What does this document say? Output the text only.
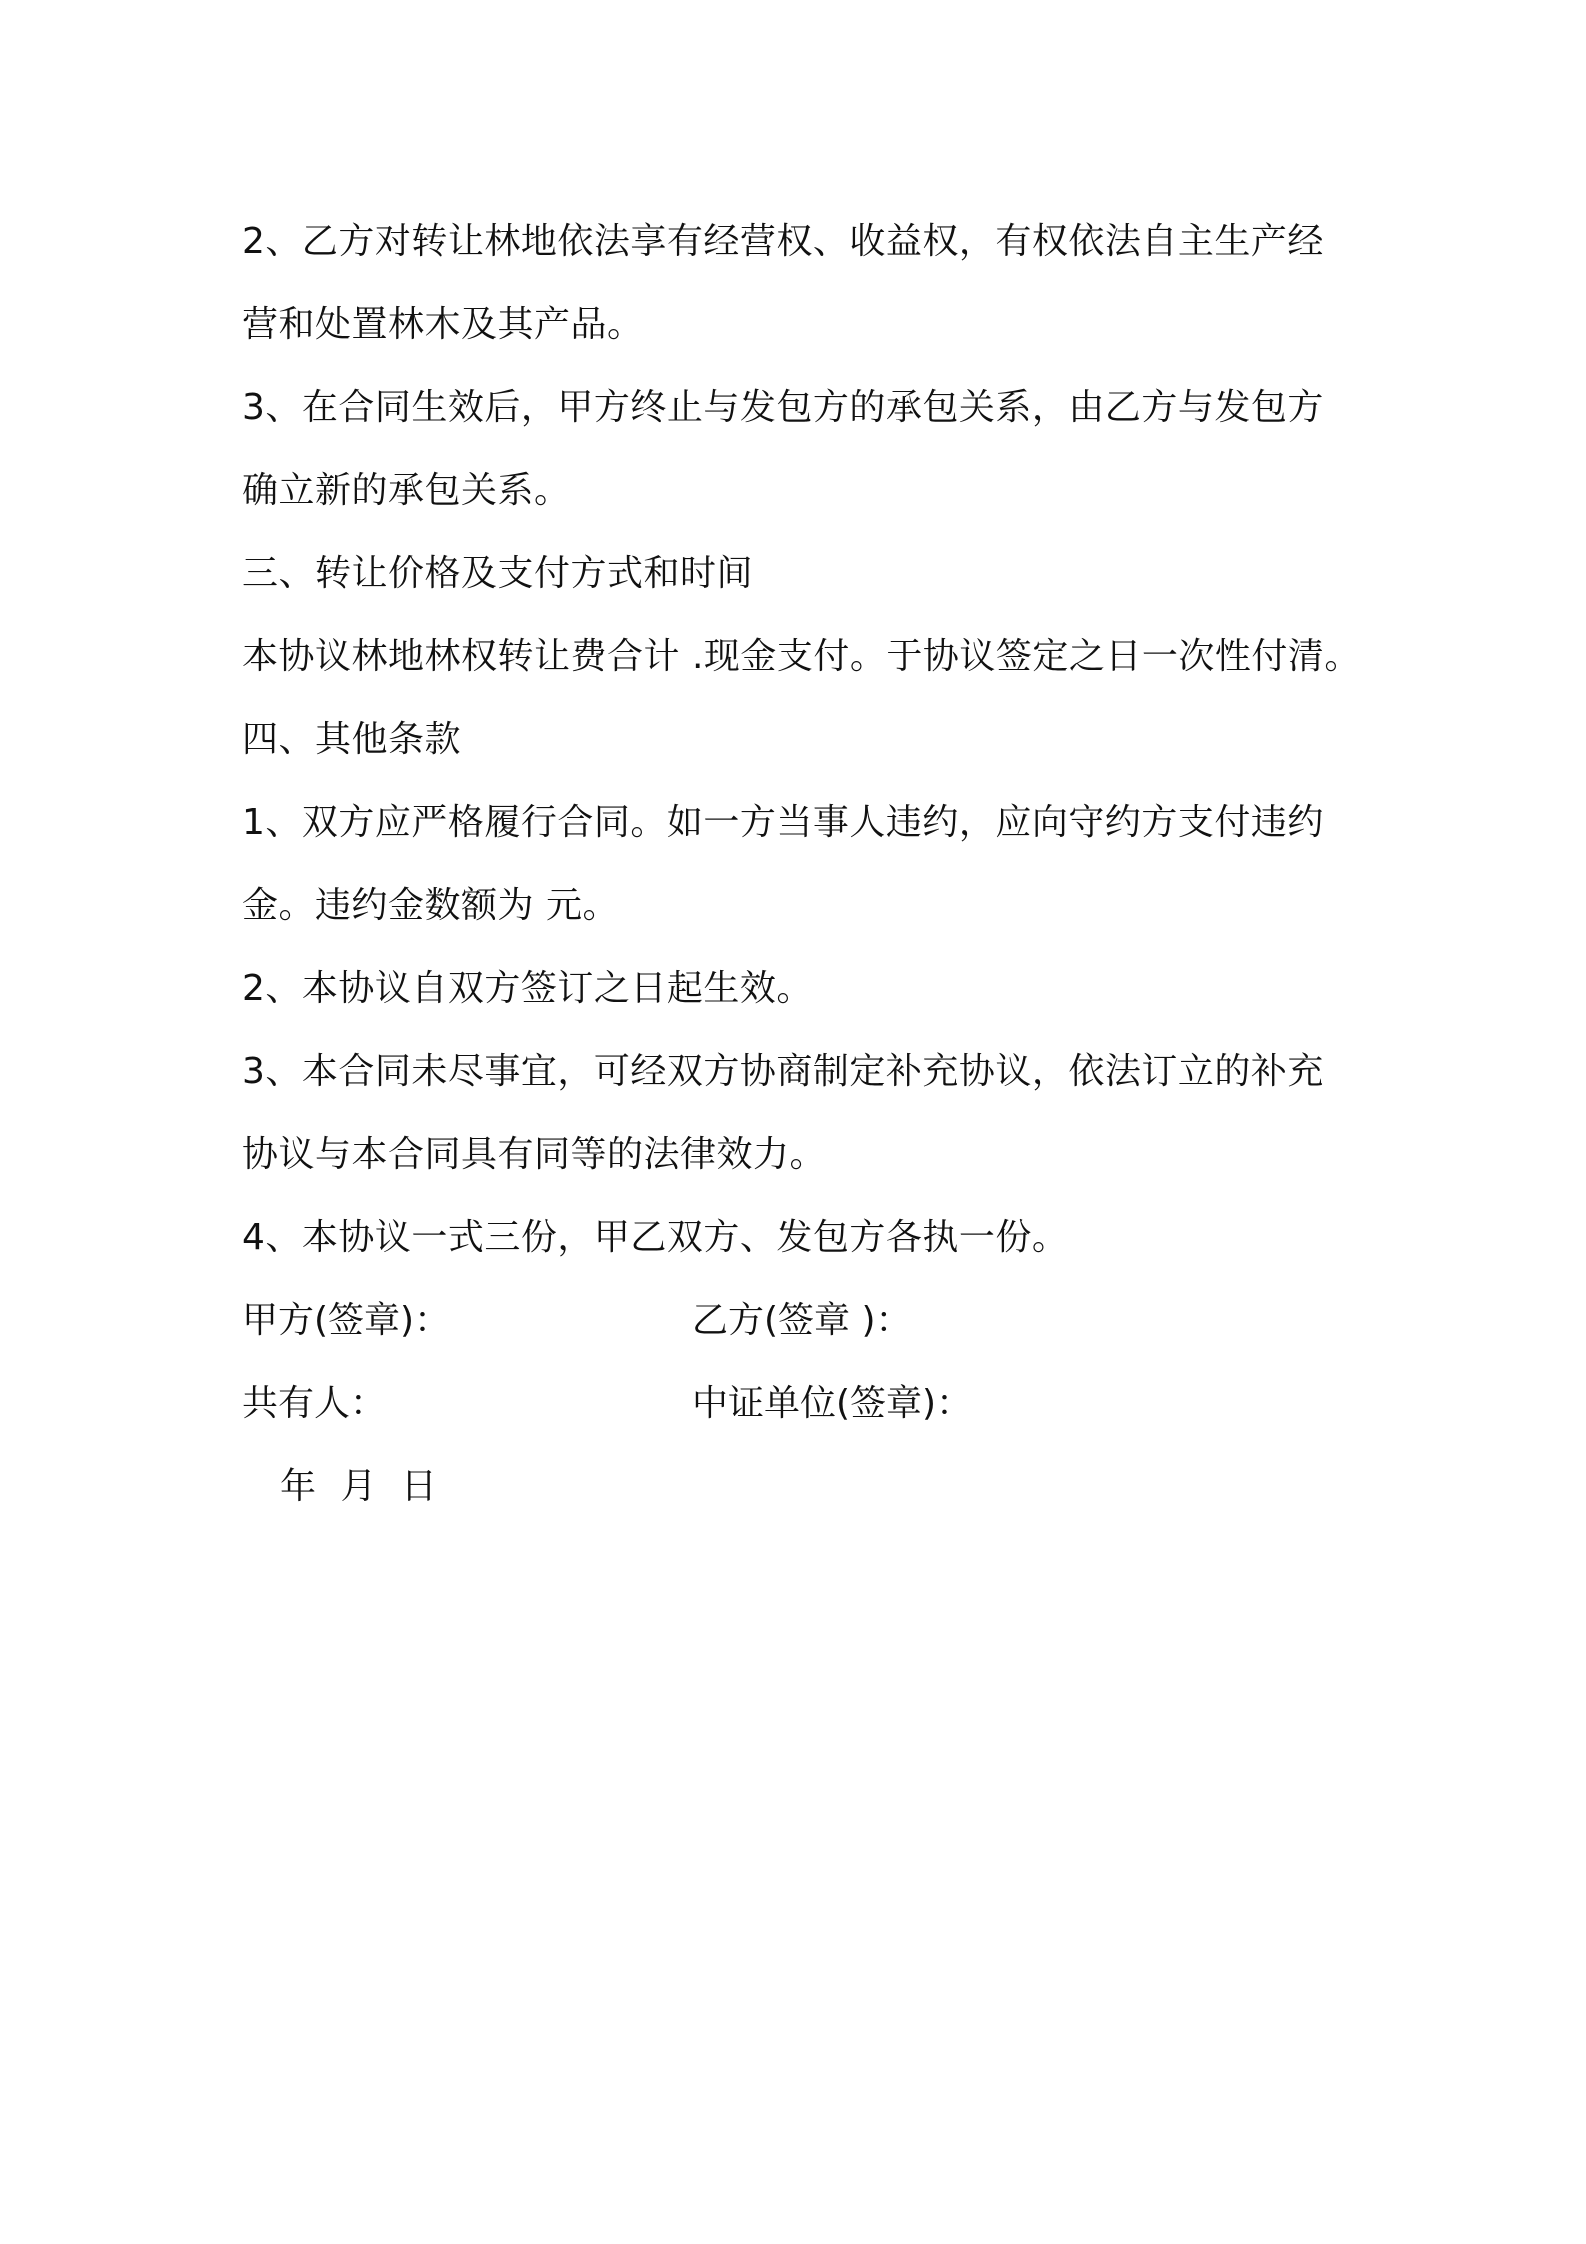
2、乙方对转让林地依法享有经营权、收益权，有权依法自主生产经
营和处置林木及其产品。
3、在合同生效后，甲方终止与发包方的承包关系，由乙方与发包方
确立新的承包关系。
三、转让价格及支付方式和时间
本协议林地林权转让费合计 .现金支付。于协议签定之日一次性付清。
四、其他条款
1、双方应严格履行合同。如一方当事人违约，应向守约方支付违约
金。违约金数额为 元。
2、本协议自双方签订之日起生效。
3、本合同未尽事宜，可经双方协商制定补充协议，依法订立的补充
协议与本合同具有同等的法律效力。
4、本协议一式三份，甲乙双方、发包方各执一份。
甲方(签章)：	乙方(签章 )：
共有人：	中证单位(签章)：
年 月 日
